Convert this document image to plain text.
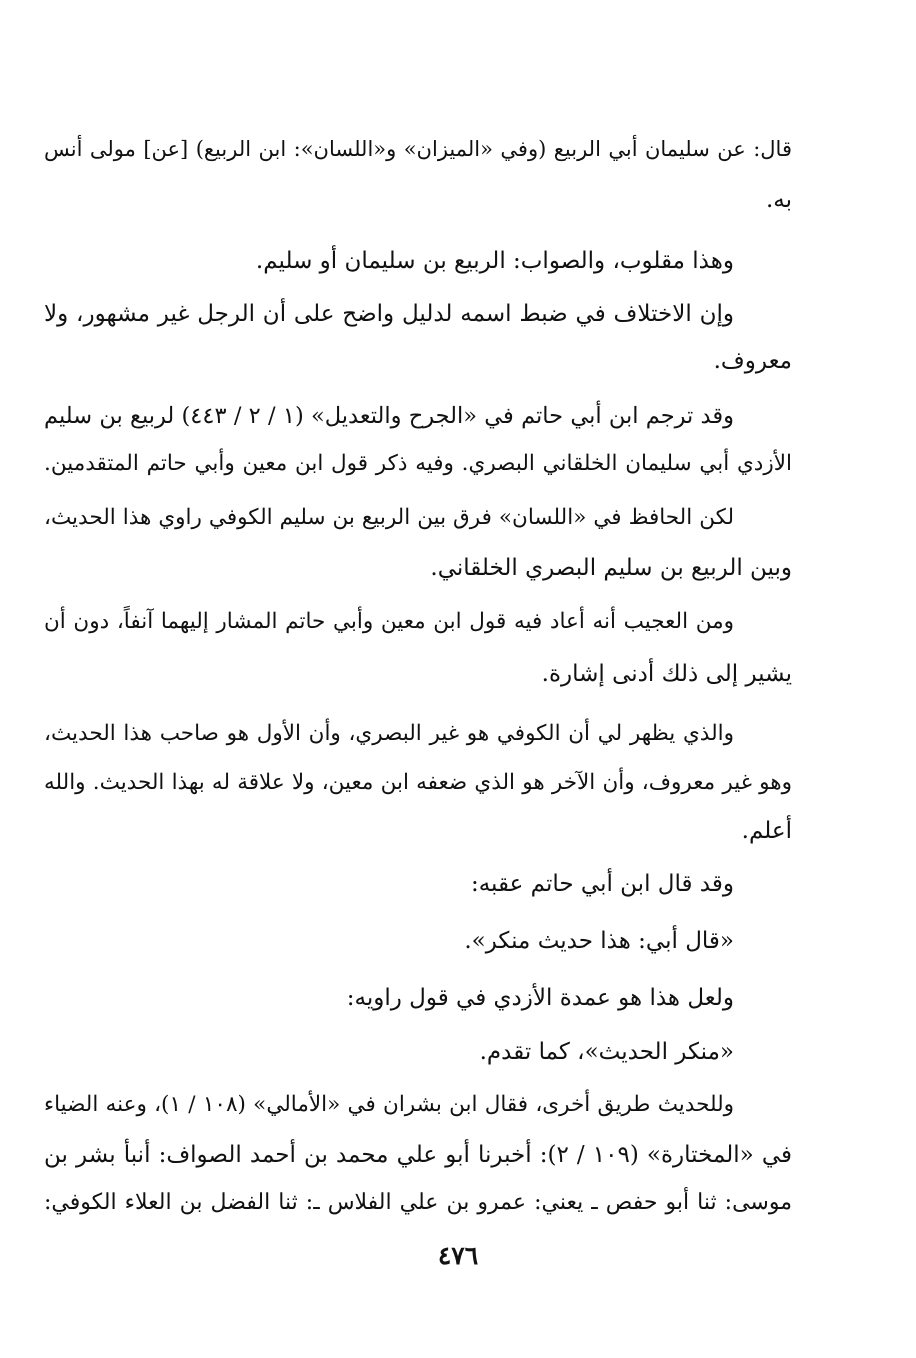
قال: عن سليمان أبي الربيع (وفي «الميزان» و«اللسان»: ابن الربيع) [عن] مولى أنس
به.
وهذا مقلوب، والصواب: الربيع بن سليمان أو سليم.
وإن الاختلاف في ضبط اسمه لدليل واضح على أن الرجل غير مشهور، ولا
معروف.
وقد ترجم ابن أبي حاتم في «الجرح والتعديل» (١ / ٢ / ٤٤٣) لربيع بن سليم
الأزدي أبي سليمان الخلقاني البصري. وفيه ذكر قول ابن معين وأبي حاتم المتقدمين.
لكن الحافظ في «اللسان» فرق بين الربيع بن سليم الكوفي راوي هذا الحديث،
وبين الربيع بن سليم البصري الخلقاني.
ومن العجيب أنه أعاد فيه قول ابن معين وأبي حاتم المشار إليهما آنفاً، دون أن
يشير إلى ذلك أدنى إشارة.
والذي يظهر لي أن الكوفي هو غير البصري، وأن الأول هو صاحب هذا الحديث،
وهو غير معروف، وأن الآخر هو الذي ضعفه ابن معين، ولا علاقة له بهذا الحديث. والله
أعلم.
وقد قال ابن أبي حاتم عقبه:
«قال أبي: هذا حديث منكر».
ولعل هذا هو عمدة الأزدي في قول راويه:
«منكر الحديث»، كما تقدم.
وللحديث طريق أخرى، فقال ابن بشران في «الأمالي» (١٠٨ / ١)، وعنه الضياء
في «المختارة» (١٠٩ / ٢): أخبرنا أبو علي محمد بن أحمد الصواف: أنبأ بشر بن
موسى: ثنا أبو حفص ـ يعني: عمرو بن علي الفلاس ـ: ثنا الفضل بن العلاء الكوفي:
٤٧٦
